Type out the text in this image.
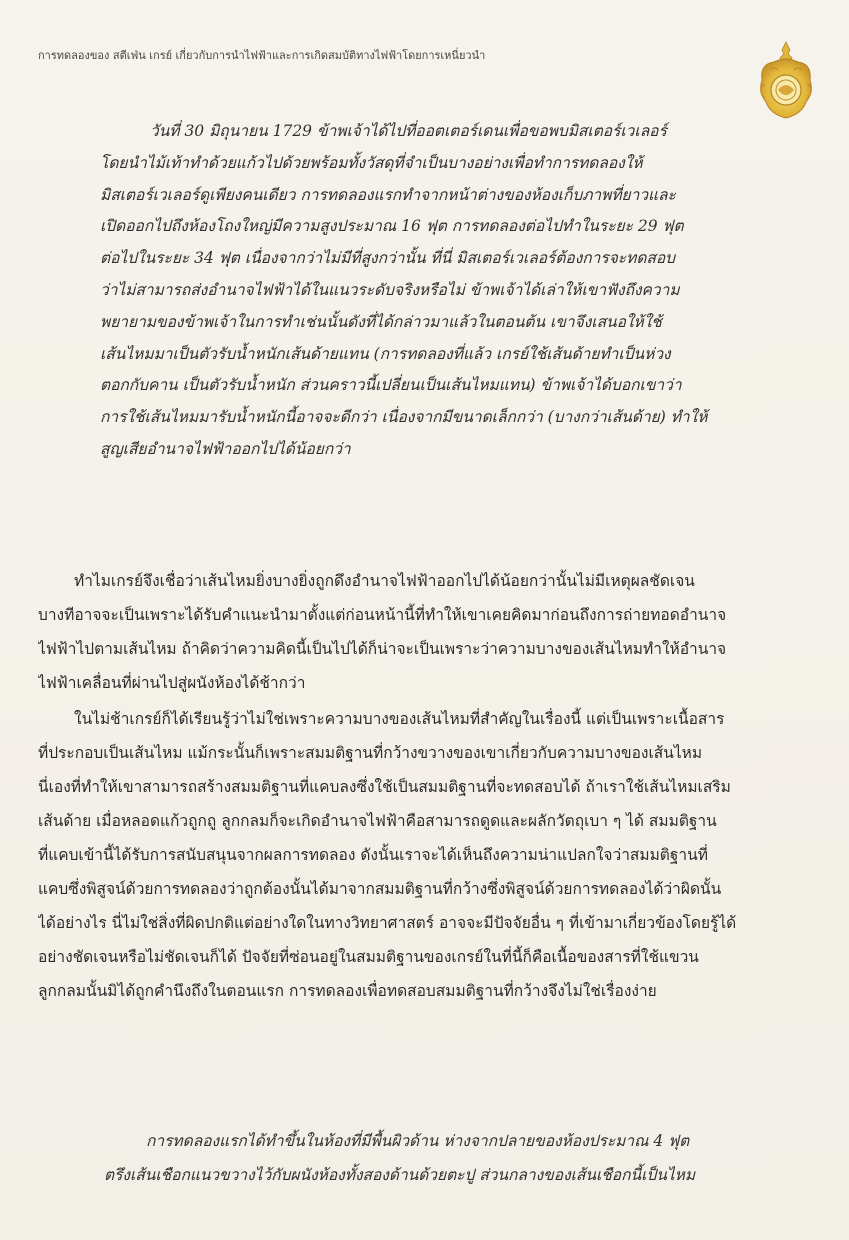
การทดลองของ สตีเฟ่น เกรย์ เกี่ยวกับการนำไฟฟ้าและการเกิดสมบัติทางไฟฟ้าโดยการเหนี่ยวนำ
วันที่ 30 มิถุนายน 1729 ข้าพเจ้าได้ไปที่ออตเตอร์เดนเพื่อขอพบมิสเตอร์เวเลอร์
โดยนำไม้เท้าทำด้วยแก้วไปด้วยพร้อมทั้งวัสดุที่จำเป็นบางอย่างเพื่อทำการทดลองให้
มิสเตอร์เวเลอร์ดูเพียงคนเดียว การทดลองแรกทำจากหน้าต่างของห้องเก็บภาพที่ยาวและ
เปิดออกไปถึงห้องโถงใหญ่มีความสูงประมาณ 16 ฟุต การทดลองต่อไปทำในระยะ 29 ฟุต
ต่อไปในระยะ 34 ฟุต เนื่องจากว่าไม่มีที่สูงกว่านั้น ที่นี่ มิสเตอร์เวเลอร์ต้องการจะทดสอบ
ว่าไม่สามารถส่งอำนาจไฟฟ้าได้ในแนวระดับจริงหรือไม่ ข้าพเจ้าได้เล่าให้เขาฟังถึงความ
พยายามของข้าพเจ้าในการทำเช่นนั้นดังที่ได้กล่าวมาแล้วในตอนต้น เขาจึงเสนอให้ใช้
เส้นไหมมาเป็นตัวรับน้ำหนักเส้นด้ายแทน (การทดลองที่แล้ว เกรย์ใช้เส้นด้ายทำเป็นห่วง
ตอกกับคาน เป็นตัวรับน้ำหนัก ส่วนคราวนี้เปลี่ยนเป็นเส้นไหมแทน) ข้าพเจ้าได้บอกเขาว่า
การใช้เส้นไหมมารับน้ำหนักนี้อาจจะดีกว่า เนื่องจากมีขนาดเล็กกว่า (บางกว่าเส้นด้าย) ทำให้
สูญเสียอำนาจไฟฟ้าออกไปได้น้อยกว่า
ทำไมเกรย์จึงเชื่อว่าเส้นไหมยิ่งบางยิ่งถูกดึงอำนาจไฟฟ้าออกไปได้น้อยกว่านั้นไม่มีเหตุผลชัดเจน
บางทีอาจจะเป็นเพราะได้รับคำแนะนำมาตั้งแต่ก่อนหน้านี้ที่ทำให้เขาเคยคิดมาก่อนถึงการถ่ายทอดอำนาจ
ไฟฟ้าไปตามเส้นไหม ถ้าคิดว่าความคิดนี้เป็นไปได้ก็น่าจะเป็นเพราะว่าความบางของเส้นไหมทำให้อำนาจ
ไฟฟ้าเคลื่อนที่ผ่านไปสู่ผนังห้องได้ช้ากว่า
ในไม่ช้าเกรย์ก็ได้เรียนรู้ว่าไม่ใช่เพราะความบางของเส้นไหมที่สำคัญในเรื่องนี้ แต่เป็นเพราะเนื้อสาร
ที่ประกอบเป็นเส้นไหม แม้กระนั้นก็เพราะสมมติฐานที่กว้างขวางของเขาเกี่ยวกับความบางของเส้นไหม
นี่เองที่ทำให้เขาสามารถสร้างสมมติฐานที่แคบลงซึ่งใช้เป็นสมมติฐานที่จะทดสอบได้ ถ้าเราใช้เส้นไหมเสริม
เส้นด้าย เมื่อหลอดแก้วถูกถู ลูกกลมก็จะเกิดอำนาจไฟฟ้าคือสามารถดูดและผลักวัตถุเบา ๆ ได้ สมมติฐาน
ที่แคบเข้านี้ได้รับการสนับสนุนจากผลการทดลอง ดังนั้นเราจะได้เห็นถึงความน่าแปลกใจว่าสมมติฐานที่
แคบซึ่งพิสูจน์ด้วยการทดลองว่าถูกต้องนั้นได้มาจากสมมติฐานที่กว้างซึ่งพิสูจน์ด้วยการทดลองได้ว่าผิดนั้น
ได้อย่างไร นี่ไม่ใช่สิ่งที่ผิดปกติแต่อย่างใดในทางวิทยาศาสตร์ อาจจะมีปัจจัยอื่น ๆ ที่เข้ามาเกี่ยวข้องโดยรู้ได้
อย่างชัดเจนหรือไม่ชัดเจนก็ได้ ปัจจัยที่ซ่อนอยู่ในสมมติฐานของเกรย์ในที่นี้ก็คือเนื้อของสารที่ใช้แขวน
ลูกกลมนั้นมิได้ถูกคำนึงถึงในตอนแรก การทดลองเพื่อทดสอบสมมติฐานที่กว้างจึงไม่ใช่เรื่องง่าย
การทดลองแรกได้ทำขึ้นในห้องที่มีพื้นผิวด้าน ห่างจากปลายของห้องประมาณ 4 ฟุต
ตรึงเส้นเชือกแนวขวางไว้กับผนังห้องทั้งสองด้านด้วยตะปู ส่วนกลางของเส้นเชือกนี้เป็นไหม
